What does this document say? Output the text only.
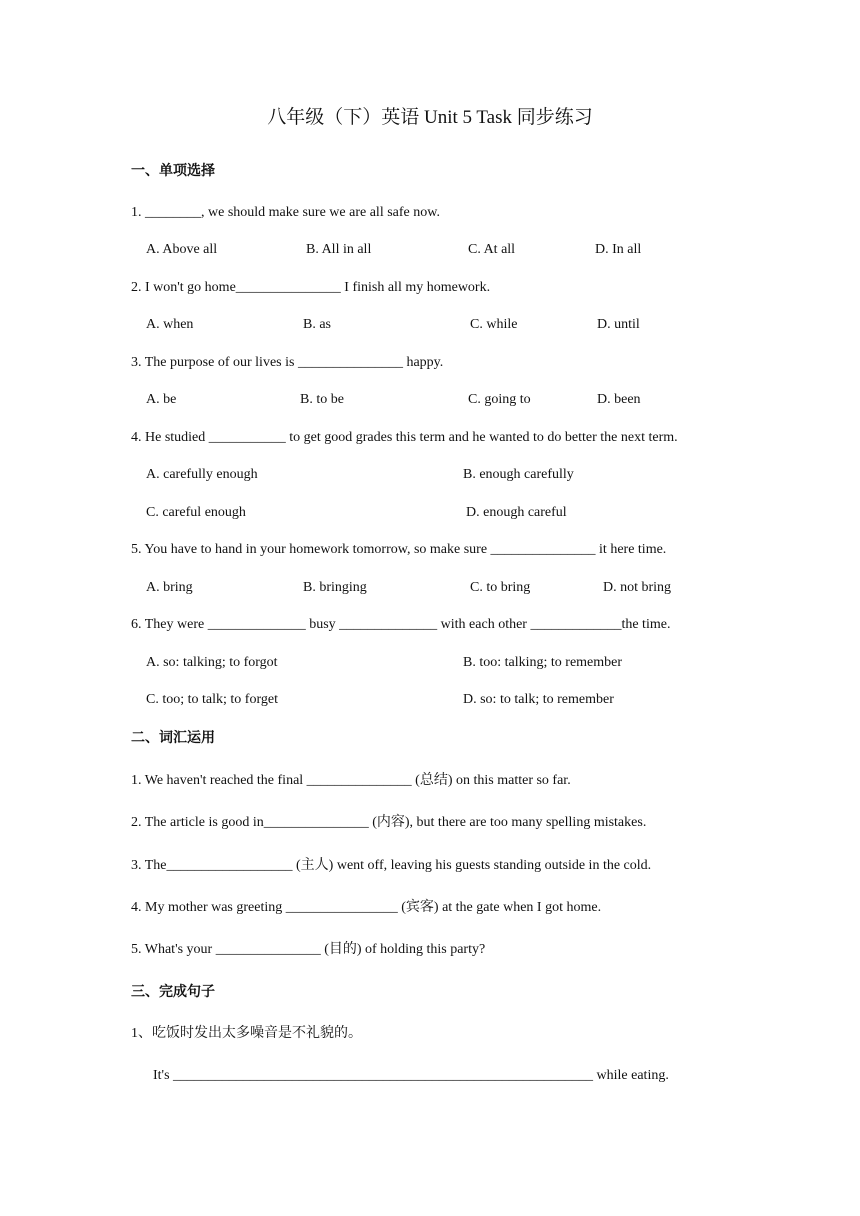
八年级（下）英语 Unit 5 Task 同步练习
一、单项选择
1. ________, we should make sure we are all safe now.
A. Above all	B. All in all	C. At all	D. In all
2. I won't go home_______________ I finish all my homework.
A. when	B. as	C. while	D. until
3. The purpose of our lives is _______________ happy.
A. be	B. to be	C. going to	D. been
4. He studied ___________ to get good grades this term and he wanted to do better the next term.
A. carefully enough	B. enough carefully
C. careful enough	D. enough careful
5. You have to hand in your homework tomorrow, so make sure _______________ it here time.
A. bring	B. bringing	C. to bring	D. not bring
6. They were ______________ busy ______________ with each other _____________the time.
A. so: talking; to forgot	B. too: talking; to remember
C. too; to talk; to forget	D. so: to talk; to remember
二、词汇运用
1. We haven't reached the final _______________ (总结) on this matter so far.
2. The article is good in_______________ (内容), but there are too many spelling mistakes.
3. The__________________ (主人) went off, leaving his guests standing outside in the cold.
4. My mother was greeting ________________ (宾客) at the gate when I got home.
5. What's your _______________ (目的) of holding this party?
三、完成句子
1、吃饭时发出太多噪音是不礼貌的。
It's ____________________________________________________________ while eating.
